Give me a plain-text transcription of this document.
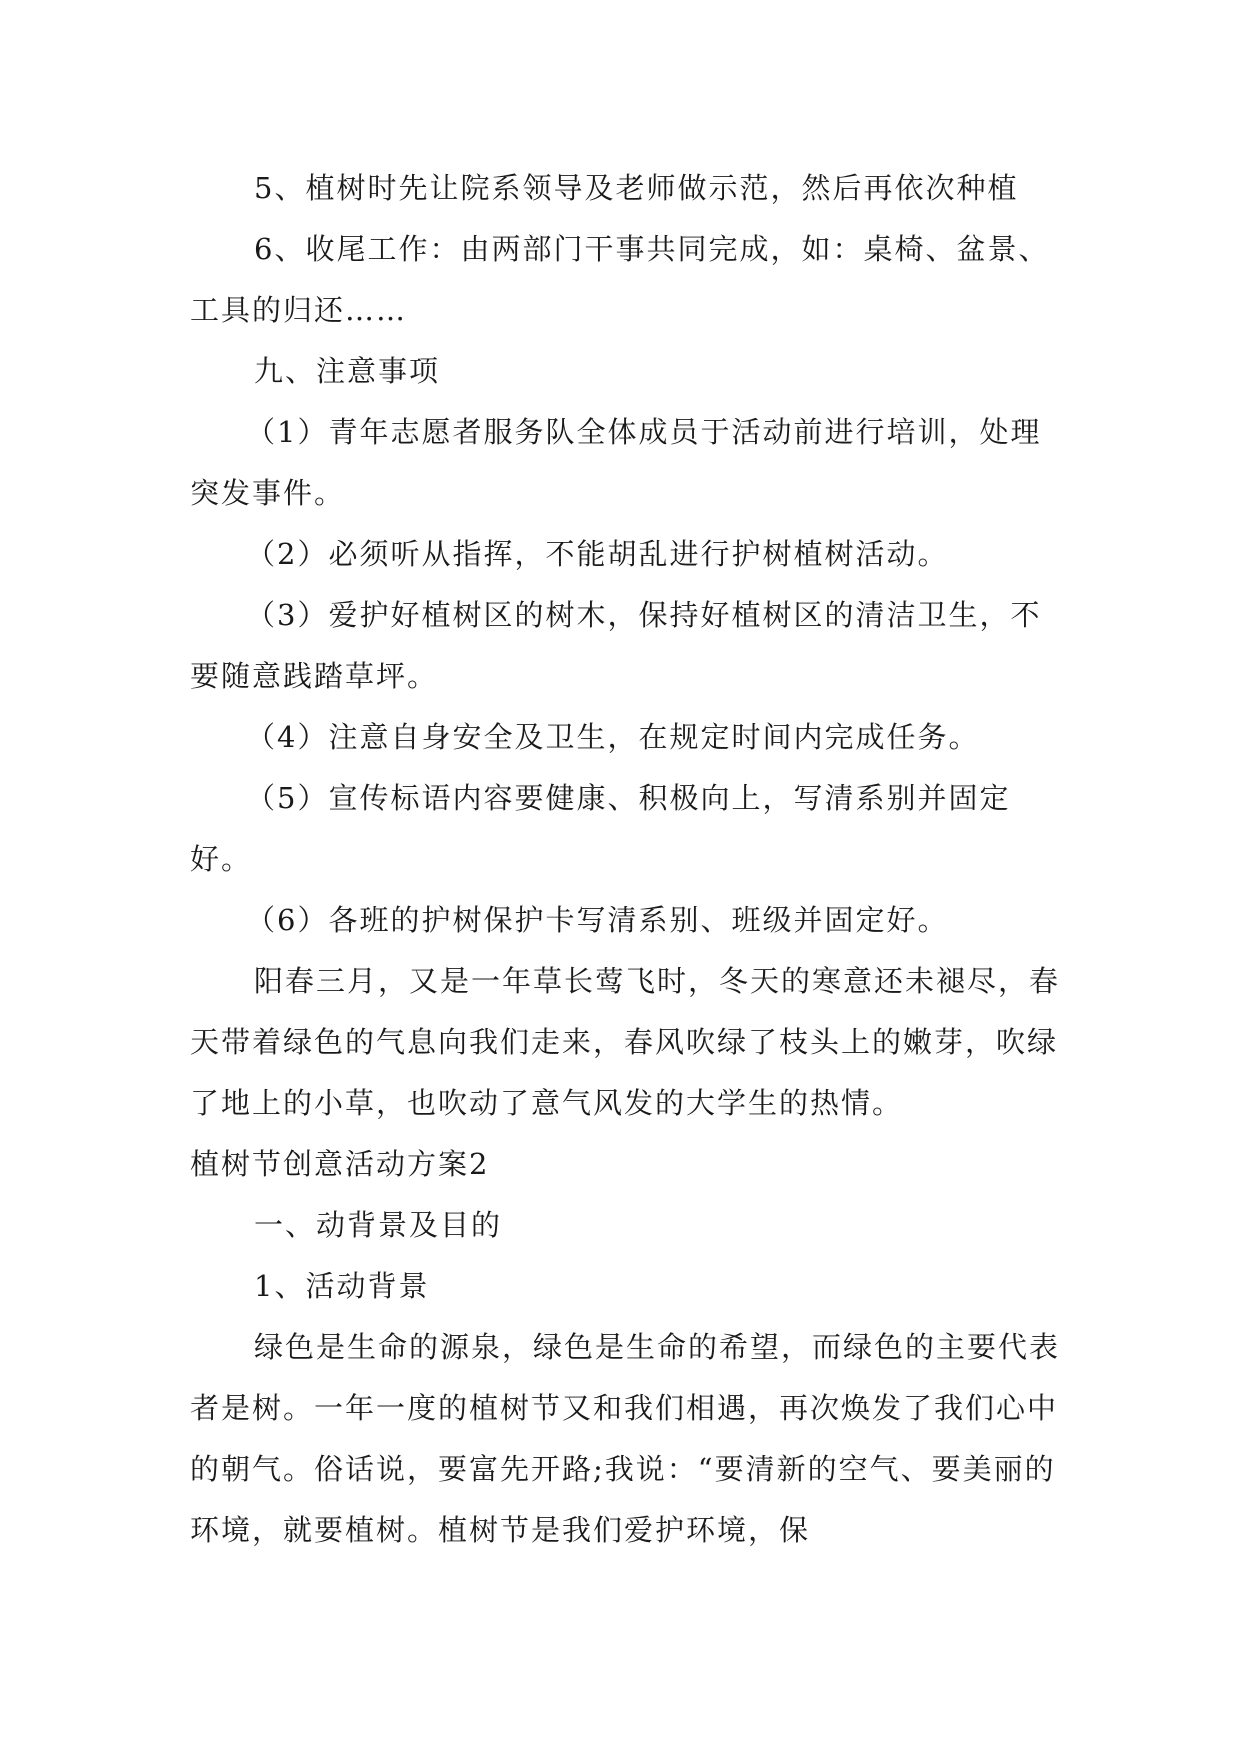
5、植树时先让院系领导及老师做示范，然后再依次种植

6、收尾工作：由两部门干事共同完成，如：桌椅、盆景、工具的归还……

九、注意事项

（1）青年志愿者服务队全体成员于活动前进行培训，处理突发事件。

（2）必须听从指挥，不能胡乱进行护树植树活动。

（3）爱护好植树区的树木，保持好植树区的清洁卫生，不要随意践踏草坪。

（4）注意自身安全及卫生，在规定时间内完成任务。

（5）宣传标语内容要健康、积极向上，写清系别并固定好。

（6）各班的护树保护卡写清系别、班级并固定好。

阳春三月，又是一年草长莺飞时，冬天的寒意还未褪尽，春天带着绿色的气息向我们走来，春风吹绿了枝头上的嫩芽，吹绿了地上的小草，也吹动了意气风发的大学生的热情。

植树节创意活动方案2

一、动背景及目的

1、活动背景

绿色是生命的源泉，绿色是生命的希望，而绿色的主要代表者是树。一年一度的植树节又和我们相遇，再次焕发了我们心中的朝气。俗话说，要富先开路;我说：“要清新的空气、要美丽的环境，就要植树。植树节是我们爱护环境，保
